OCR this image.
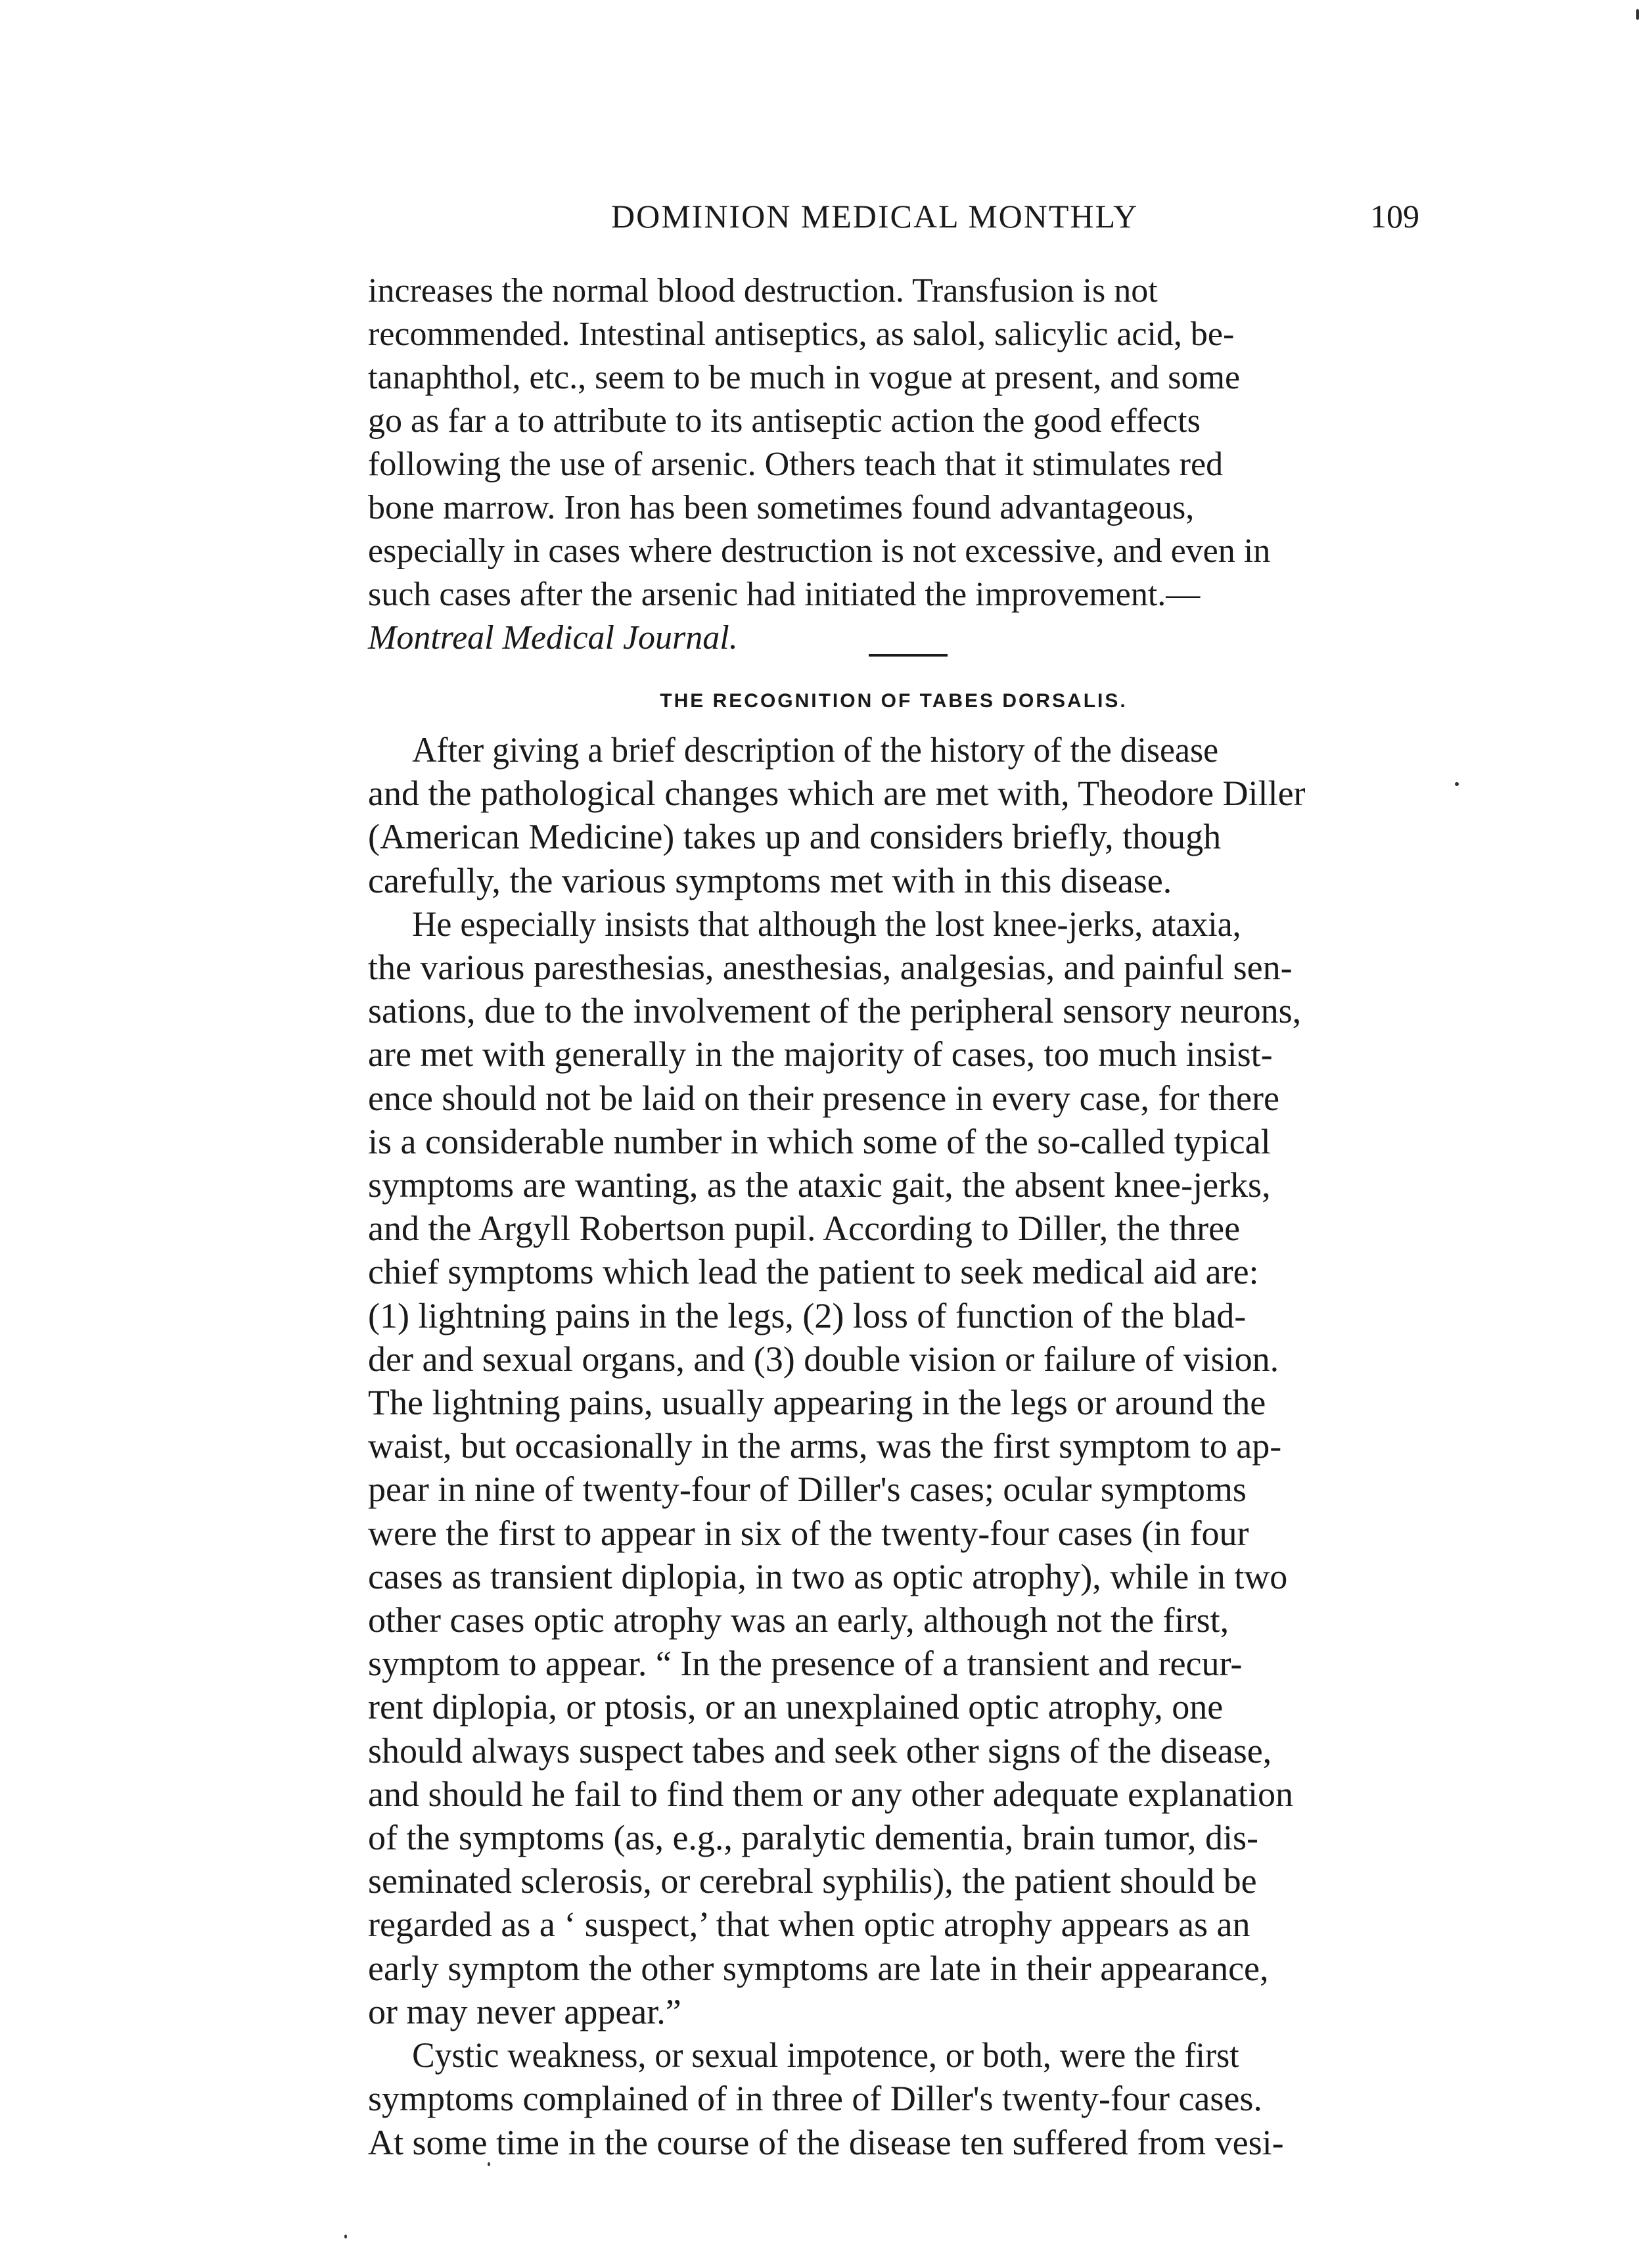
DOMINION MEDICAL MONTHLY	109
increases the normal blood destruction. Transfusion is not
recommended. Intestinal antiseptics, as salol, salicylic acid, be-
tanaphthol, etc., seem to be much in vogue at present, and some
go as far a to attribute to its antiseptic action the good effects
following the use of arsenic. Others teach that it stimulates red
bone marrow. Iron has been sometimes found advantageous,
especially in cases where destruction is not excessive, and even in
such cases after the arsenic had initiated the improvement.—
Montreal Medical Journal.
THE RECOGNITION OF TABES DORSALIS.
After giving a brief description of the history of the disease
and the pathological changes which are met with, Theodore Diller
(American Medicine) takes up and considers briefly, though
carefully, the various symptoms met with in this disease.
He especially insists that although the lost knee-jerks, ataxia,
the various paresthesias, anesthesias, analgesias, and painful sen-
sations, due to the involvement of the peripheral sensory neurons,
are met with generally in the majority of cases, too much insist-
ence should not be laid on their presence in every case, for there
is a considerable number in which some of the so-called typical
symptoms are wanting, as the ataxic gait, the absent knee-jerks,
and the Argyll Robertson pupil. According to Diller, the three
chief symptoms which lead the patient to seek medical aid are:
(1) lightning pains in the legs, (2) loss of function of the blad-
der and sexual organs, and (3) double vision or failure of vision.
The lightning pains, usually appearing in the legs or around the
waist, but occasionally in the arms, was the first symptom to ap-
pear in nine of twenty-four of Diller's cases; ocular symptoms
were the first to appear in six of the twenty-four cases (in four
cases as transient diplopia, in two as optic atrophy), while in two
other cases optic atrophy was an early, although not the first,
symptom to appear. “ In the presence of a transient and recur-
rent diplopia, or ptosis, or an unexplained optic atrophy, one
should always suspect tabes and seek other signs of the disease,
and should he fail to find them or any other adequate explanation
of the symptoms (as, e.g., paralytic dementia, brain tumor, dis-
seminated sclerosis, or cerebral syphilis), the patient should be
regarded as a ‘ suspect,’ that when optic atrophy appears as an
early symptom the other symptoms are late in their appearance,
or may never appear.”
Cystic weakness, or sexual impotence, or both, were the first
symptoms complained of in three of Diller's twenty-four cases.
At some time in the course of the disease ten suffered from vesi-
